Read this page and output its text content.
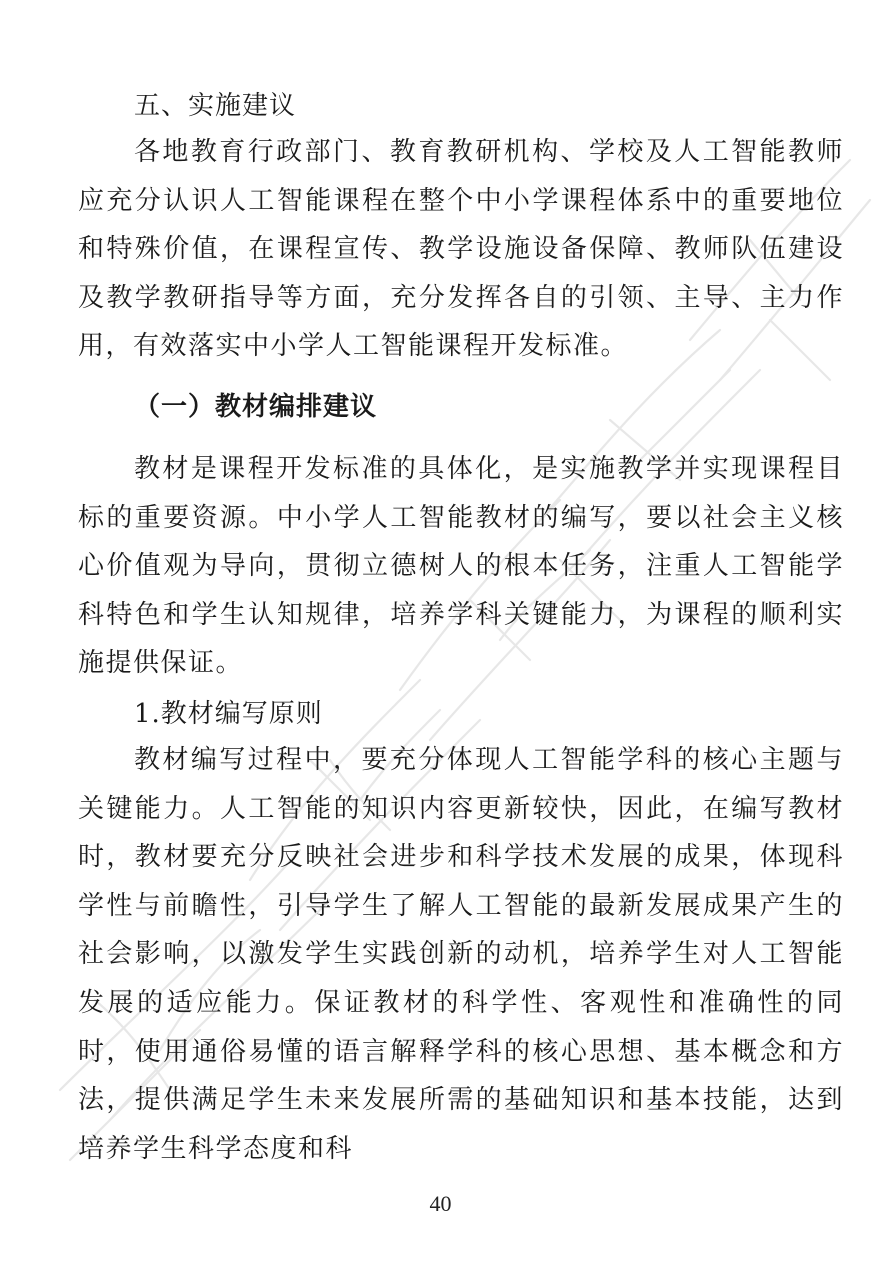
五、实施建议

各地教育行政部门、教育教研机构、学校及人工智能教师应充分认识人工智能课程在整个中小学课程体系中的重要地位和特殊价值，在课程宣传、教学设施设备保障、教师队伍建设及教学教研指导等方面，充分发挥各自的引领、主导、主力作用，有效落实中小学人工智能课程开发标准。

（一）教材编排建议

教材是课程开发标准的具体化，是实施教学并实现课程目标的重要资源。中小学人工智能教材的编写，要以社会主义核心价值观为导向，贯彻立德树人的根本任务，注重人工智能学科特色和学生认知规律，培养学科关键能力，为课程的顺利实施提供保证。

1.教材编写原则

教材编写过程中，要充分体现人工智能学科的核心主题与关键能力。人工智能的知识内容更新较快，因此，在编写教材时，教材要充分反映社会进步和科学技术发展的成果，体现科学性与前瞻性，引导学生了解人工智能的最新发展成果产生的社会影响，以激发学生实践创新的动机，培养学生对人工智能发展的适应能力。保证教材的科学性、客观性和准确性的同时，使用通俗易懂的语言解释学科的核心思想、基本概念和方法，提供满足学生未来发展所需的基础知识和基本技能，达到培养学生科学态度和科

40
